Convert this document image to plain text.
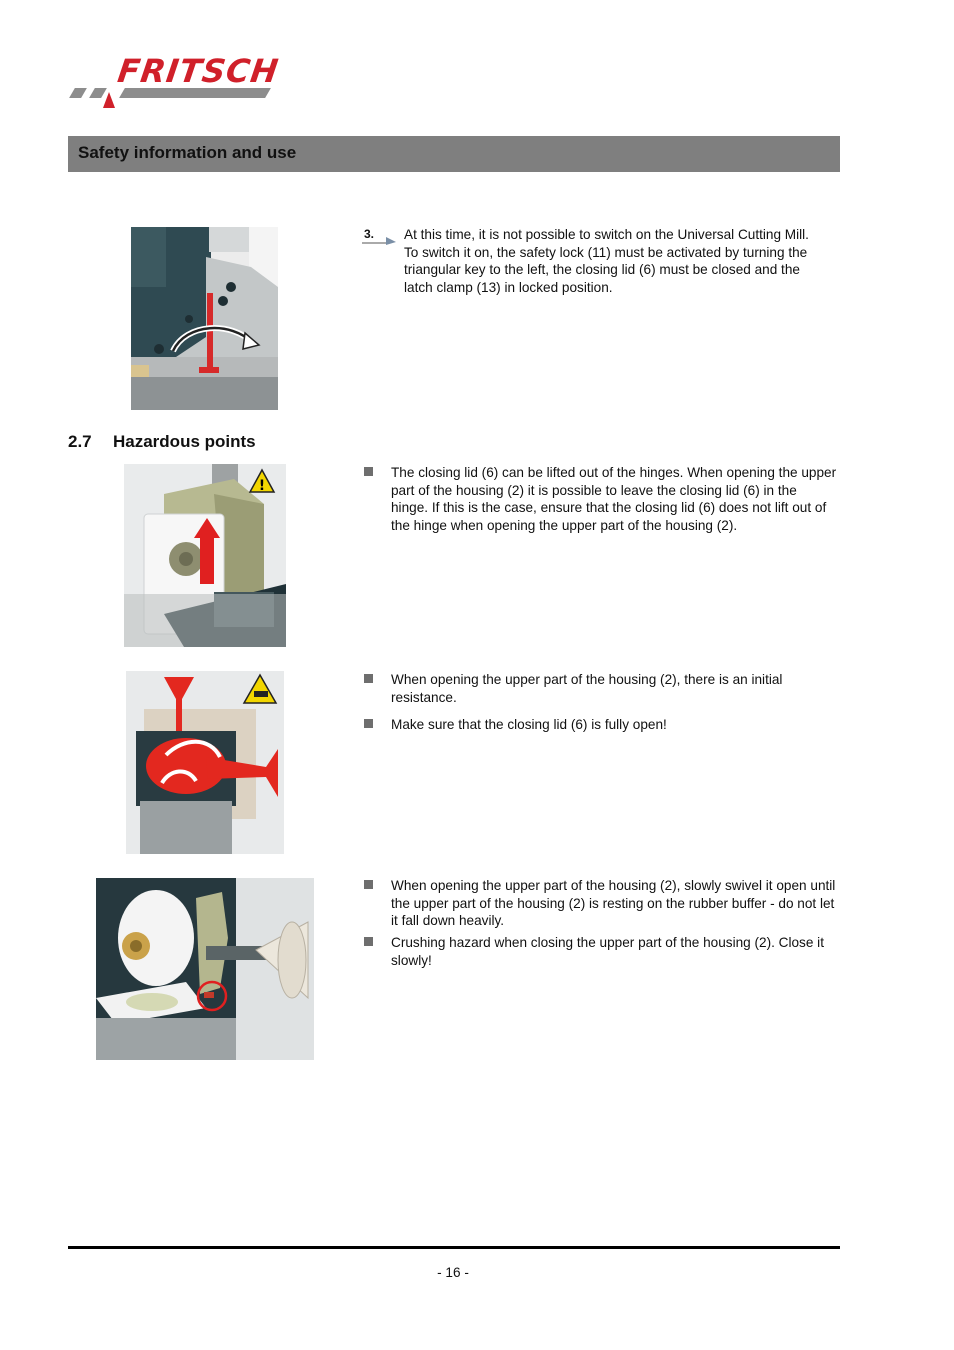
FRITSCH
Safety information and use
3. At this time, it is not possible to switch on the Universal Cutting Mill. To switch it on, the safety lock (11) must be activated by turning the triangular key to the left, the closing lid (6) must be closed and the latch clamp (13) in locked position.
2.7 Hazardous points
!
The closing lid (6) can be lifted out of the hinges. When opening the upper part of the housing (2) it is possible to leave the closing lid (6) in the hinge. If this is the case, ensure that the closing lid (6) does not lift out of the hinge when opening the upper part of the housing (2).
When opening the upper part of the housing (2), there is an initial resistance.
Make sure that the closing lid (6) is fully open!
When opening the upper part of the housing (2), slowly swivel it open until the upper part of the housing (2) is resting on the rubber buffer - do not let it fall down heavily.
Crushing hazard when closing the upper part of the housing (2). Close it slowly!
- 16 -
